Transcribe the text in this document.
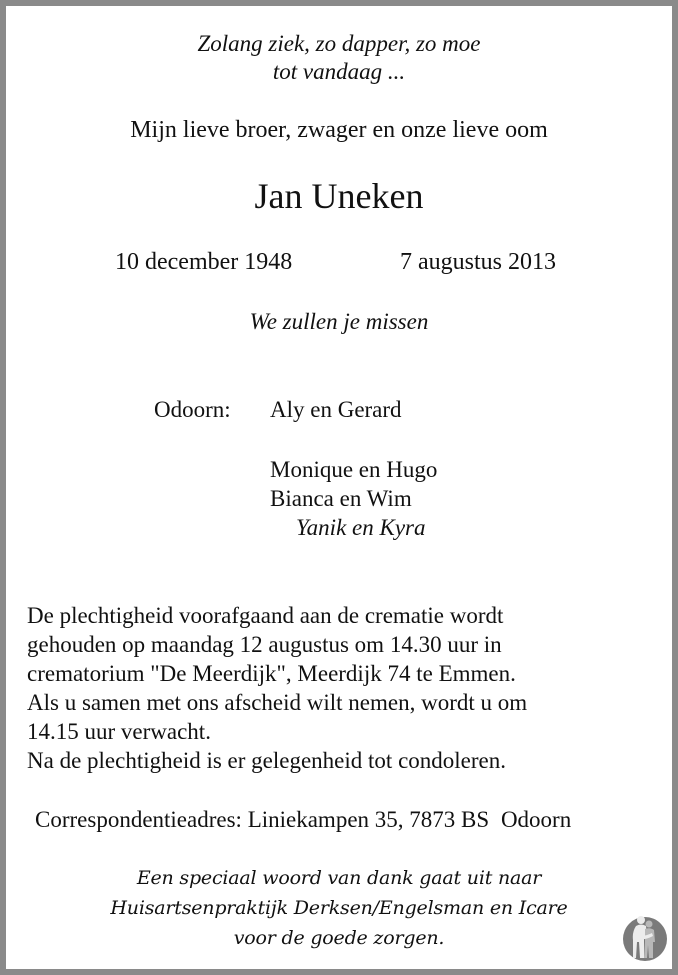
Zolang ziek, zo dapper, zo moe
tot vandaag ...

Mijn lieve broer, zwager en onze lieve oom

Jan Uneken
10 december 1948	7 augustus 2013

We zullen je missen

Odoorn: Aly en Gerard
Monique en Hugo
Bianca en Wim
Yanik en Kyra
De plechtigheid voorafgaand aan de crematie wordt
gehouden op maandag 12 augustus om 14.30 uur in
crematorium "De Meerdijk", Meerdijk 74 te Emmen.
Als u samen met ons afscheid wilt nemen, wordt u om
14.15 uur verwacht.
Na de plechtigheid is er gelegenheid tot condoleren.

Correspondentieadres: Liniekampen 35, 7873 BS Odoorn

Een speciaal woord van dank gaat uit naar
Huisartsenpraktijk Derksen/Engelsman en Icare
voor de goede zorgen.
